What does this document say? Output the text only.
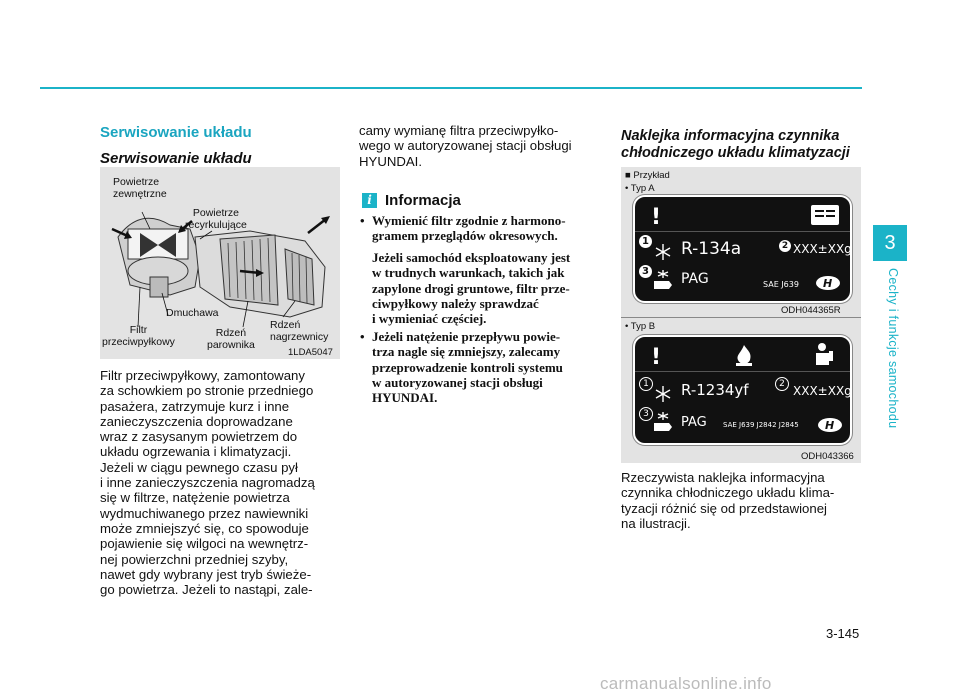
Serwisowanie układu
Serwisowanie układu
Powietrze
zewnętrzne
Powietrze
recyrkulujące
Dmuchawa
Filtr
przeciwpyłkowy
Rdzeń
parownika
Rdzeń
nagrzewnicy
1LDA5047
Filtr przeciwpyłkowy, zamontowany
za schowkiem po stronie przedniego
pasażera, zatrzymuje kurz i inne
zanieczyszczenia doprowadzane
wraz z zasysanym powietrzem do
układu ogrzewania i klimatyzacji.
Jeżeli w ciągu pewnego czasu pył
i inne zanieczyszczenia nagromadzą
się w filtrze, natężenie powietrza
wydmuchiwanego przez nawiewniki
może zmniejszyć się, co spowoduje
pojawienie się wilgoci na wewnętrz-
nej powierzchni przedniej szyby,
nawet gdy wybrany jest tryb świeże-
go powietrza. Jeżeli to nastąpi, zale-
camy wymianę filtra przeciwpyłko-
wego w autoryzowanej stacji obsługi
HYUNDAI.
i Informacja
• Wymienić filtr zgodnie z harmono-
gramem przeglądów okresowych.
Jeżeli samochód eksploatowany jest
w trudnych warunkach, takich jak
zapylone drogi gruntowe, filtr prze-
ciwpyłkowy należy sprawdzać
i wymieniać częściej.
• Jeżeli natężenie przepływu powie-
trza nagle się zmniejszy, zalecamy
przeprowadzenie kontroli systemu
w autoryzowanej stacji obsługi
HYUNDAI.
Naklejka informacyjna czynnika
chłodniczego układu klimatyzacji
■ Przykład
• Typ A
!
1 R-134a	2 XXX±XXg
3 PAG	SAE J639 H
ODH044365R
• Typ B
!
1 R-1234yf	2 XXX±XXg
3
PAG SAE J639 J2842 J2845 H
ODH043366
Rzeczywista naklejka informacyjna
czynnika chłodniczego układu klima-
tyzacji różnić się od przedstawionej
na ilustracji.
3
Cechy i funkcje samochodu
3-145
carmanualsonline.info
